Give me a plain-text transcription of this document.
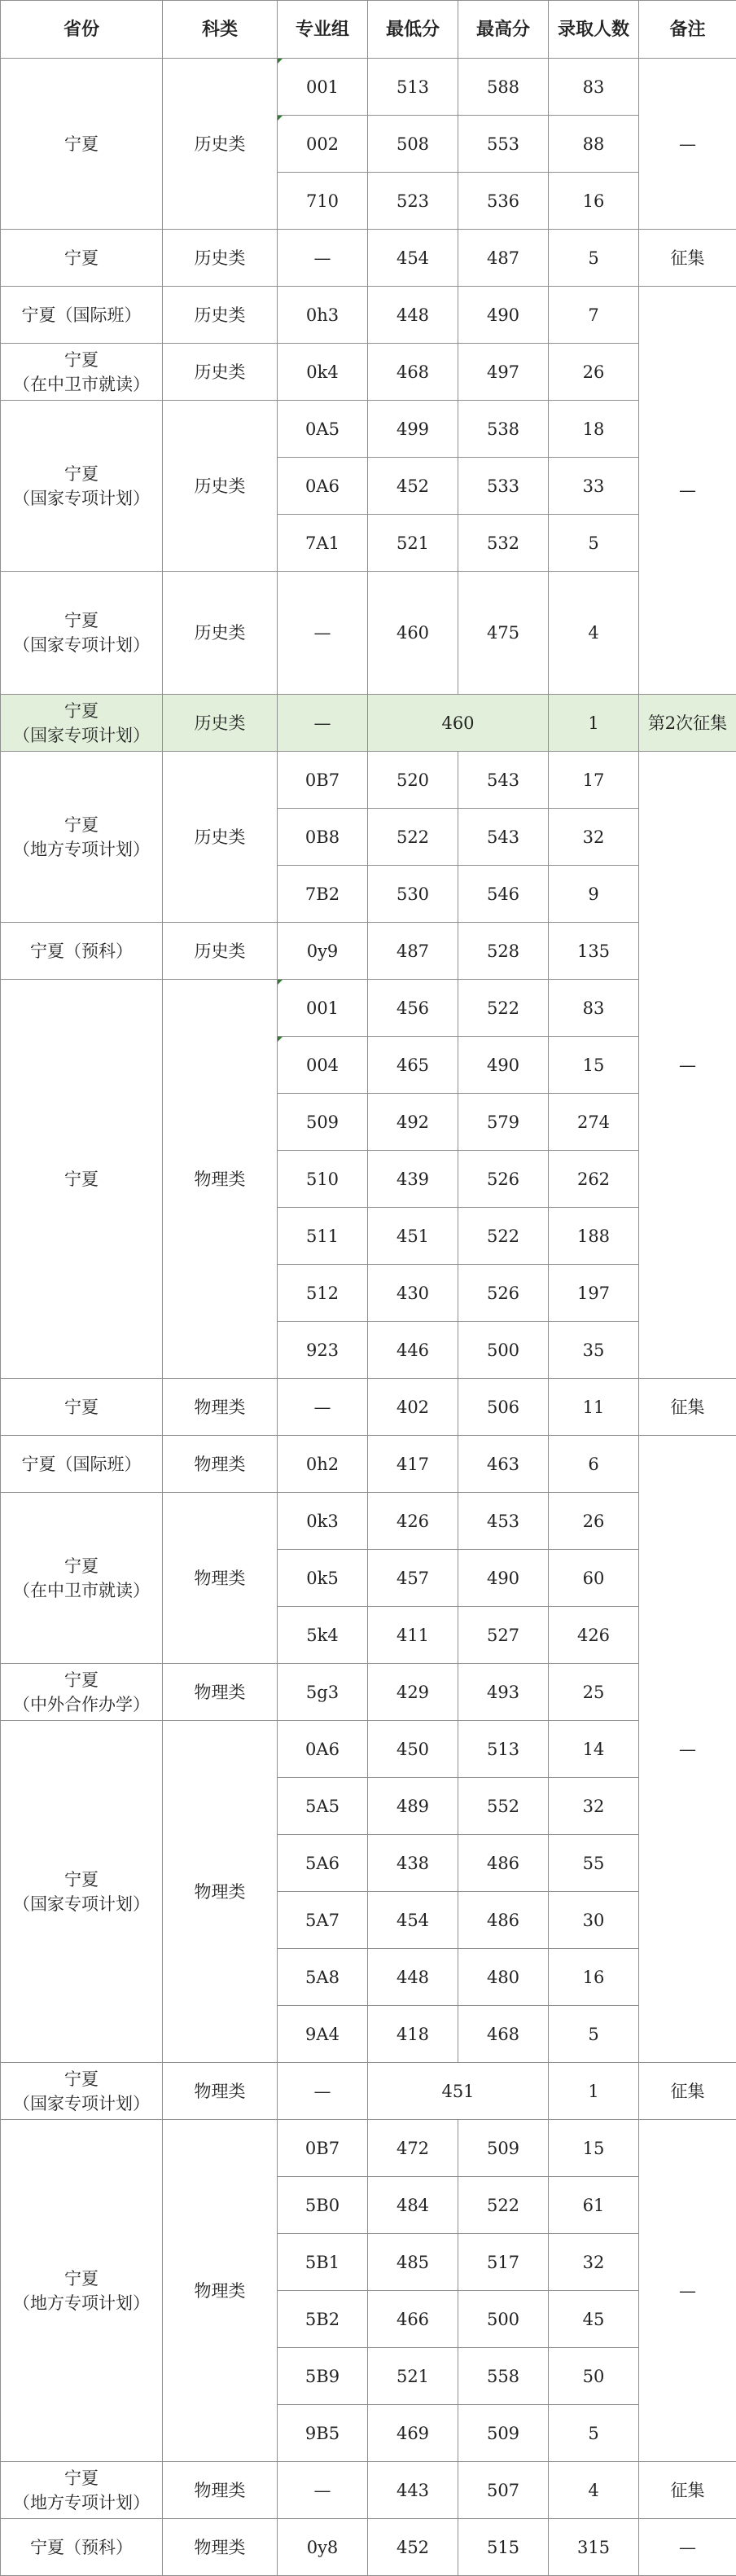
省份	科类	专业组	最低分	最高分	录取人数	备注	
宁夏	历史类	001	513	588	83	—	
		002	508	553	88		
		710	523	536	16		
宁夏	历史类	—	454	487	5	征集	
宁夏（国际班）	历史类	0h3	448	490	7	—	
宁夏
（在中卫市就读）	历史类	0k4	468	497	26		
宁夏
（国家专项计划）	历史类	0A5	499	538	18		
		0A6	452	533	33		
		7A1	521	532	5		
宁夏
（国家专项计划）	历史类	—	460	475	4	
宁夏
（国家专项计划）	历史类	—	460		1	第2次征集	
宁夏
（地方专项计划）	历史类	0B7	520	543	17	—	
		0B8	522	543	32		
		7B2	530	546	9		
宁夏（预科）	历史类	0y9	487	528	135		
宁夏	物理类	001	456	522	83		
		004	465	490	15		
		509	492	579	274		
		510	439	526	262		
		511	451	522	188		
		512	430	526	197		
		923	446	500	35		
宁夏	物理类	—	402	506	11	征集	
宁夏（国际班）	物理类	0h2	417	463	6	—	
宁夏
（在中卫市就读）	物理类	0k3	426	453	26		
		0k5	457	490	60		
		5k4	411	527	426		
宁夏
（中外合作办学）	物理类	5g3	429	493	25		
宁夏
（国家专项计划）	物理类	0A6	450	513	14		
		5A5	489	552	32		
		5A6	438	486	55		
		5A7	454	486	30		
		5A8	448	480	16		
		9A4	418	468	5		
宁夏
（国家专项计划）	物理类	—	451		1	征集	
宁夏
（地方专项计划）	物理类	0B7	472	509	15	—	
		5B0	484	522	61		
		5B1	485	517	32		
		5B2	466	500	45		
		5B9	521	558	50		
		9B5	469	509	5		
宁夏
（地方专项计划）	物理类	—	443	507	4	征集	
宁夏（预科）	物理类	0y8	452	515	315	—	
